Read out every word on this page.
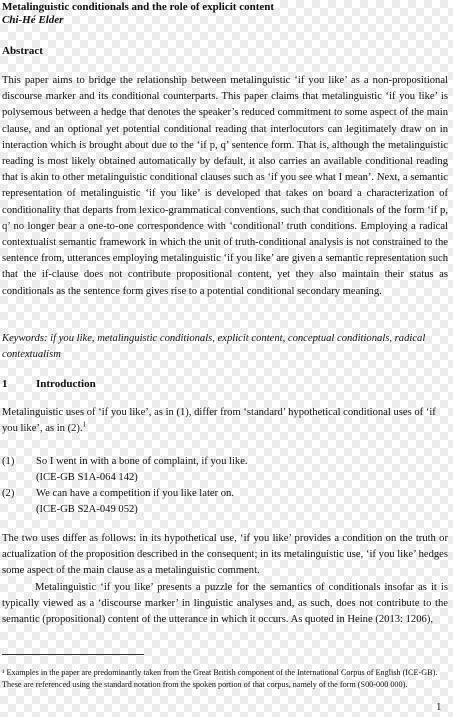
Metalinguistic conditionals and the role of explicit content
Chi-Hé Elder
Abstract

This paper aims to bridge the relationship between metalinguistic ‘if you like’ as a non-propositional discourse marker and its conditional counterparts. This paper claims that metalinguistic ‘if you like’ is polysemous between a hedge that denotes the speaker’s reduced commitment to some aspect of the main clause, and an optional yet potential conditional reading that interlocutors can legitimately draw on in interaction which is brought about due to the ‘if p, q’ sentence form. That is, although the metalinguistic reading is most likely obtained automatically by default, it also carries an available conditional reading that is akin to other metalinguistic conditional clauses such as ‘if you see what I mean’. Next, a semantic representation of metalinguistic ‘if you like’ is developed that takes on board a characterization of conditionality that departs from lexico-grammatical conventions, such that conditionals of the form ‘if p, q’ no longer bear a one-to-one correspondence with ‘conditional’ truth conditions. Employing a radical contextualist semantic framework in which the unit of truth-conditional analysis is not constrained to the sentence from, utterances employing metalinguistic ‘if you like’ are given a semantic representation such that the if-clause does not contribute propositional content, yet they also maintain their status as conditionals as the sentence form gives rise to a potential conditional secondary meaning.

Keywords: if you like, metalinguistic conditionals, explicit content, conceptual conditionals, radical contextualism

1	Introduction

Metalinguistic uses of ‘if you like’, as in (1), differ from ‘standard’ hypothetical conditional uses of ‘if you like’, as in (2).$^1$

(1)	So I went in with a bone of complaint, if you like.
(ICE-GB S1A-064 142)
(2)	We can have a competition if you like later on.
(ICE-GB S2A-049 052)

The two uses differ as follows: in its hypothetical use, ‘if you like’ provides a condition on the truth or actualization of the proposition described in the consequent; in its metalinguistic use, ‘if you like’ hedges some aspect of the main clause as a metalinguistic comment.
Metalinguistic ‘if you like’ presents a puzzle for the semantics of conditionals insofar as it is typically viewed as a ‘discourse marker’ in linguistic analyses and, as such, does not contribute to the semantic (propositional) content of the utterance in which it occurs. As quoted in Heine (2013: 1206),

¹ Examples in the paper are predominantly taken from the Great British component of the International Corpus of English (ICE-GB). These are referenced using the standard notation from the spoken portion of that corpus, namely of the form (S00-000 000).

1
